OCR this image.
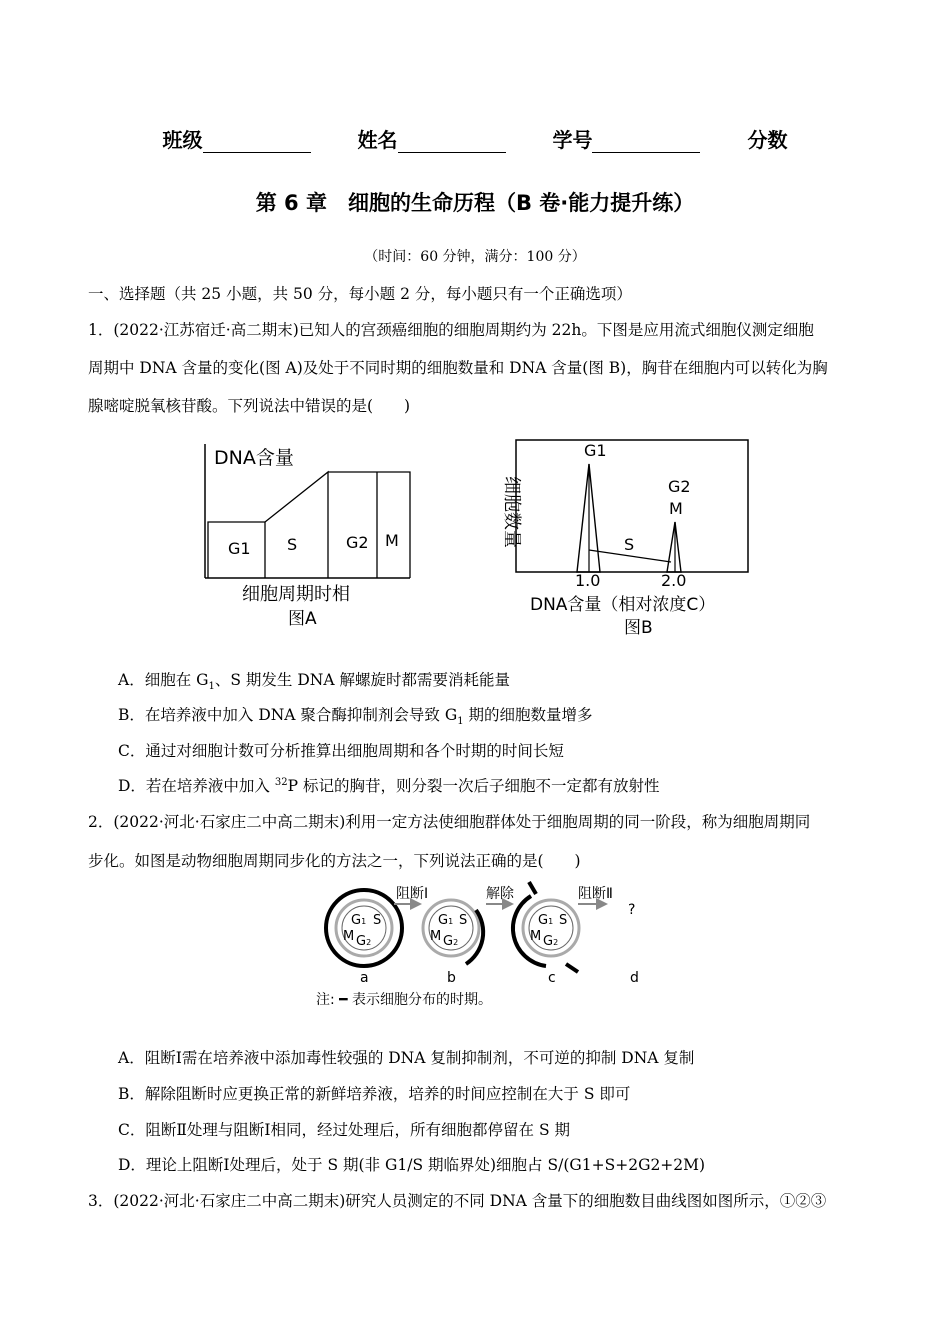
班级	姓名	学号	分数
第 6 章　细胞的生命历程（B 卷·能力提升练）
（时间：60 分钟，满分：100 分）
一、选择题（共 25 小题，共 50 分，每小题 2 分，每小题只有一个正确选项）
1．(2022·江苏宿迁·高二期末)已知人的宫颈癌细胞的细胞周期约为 22h。下图是应用流式细胞仪测定细胞
周期中 DNA 含量的变化(图 A)及处于不同时期的细胞数量和 DNA 含量(图 B)，胸苷在细胞内可以转化为胸
腺嘧啶脱氧核苷酸。下列说法中错误的是(　　)
DNA含量
G1 S	G2 M
细胞周期时相
图A
细胞数量
G1
G2
M
S
1.0	2.0
DNA含量（相对浓度C）
图B
A．细胞在 $G_1$、S 期发生 DNA 解螺旋时都需要消耗能量
B．在培养液中加入 DNA 聚合酶抑制剂会导致 $G_1$ 期的细胞数量增多
C．通过对细胞计数可分析推算出细胞周期和各个时期的时间长短
D．若在培养液中加入 $^{32}$P 标记的胸苷，则分裂一次后子细胞不一定都有放射性
2．(2022·河北·石家庄二中高二期末)利用一定方法使细胞群体处于细胞周期的同一阶段，称为细胞周期同
步化。如图是动物细胞周期同步化的方法之一，下列说法正确的是(　　)
G1 S
M G2
G1 S
M G2
G1 S
M G2
阻断Ⅰ	解除	阻断Ⅱ
?
a	b	c	d
注: ━ 表示细胞分布的时期。
A．阻断Ⅰ需在培养液中添加毒性较强的 DNA 复制抑制剂，不可逆的抑制 DNA 复制
B．解除阻断时应更换正常的新鲜培养液，培养的时间应控制在大于 S 即可
C．阻断Ⅱ处理与阻断Ⅰ相同，经过处理后，所有细胞都停留在 S 期
D．理论上阻断Ⅰ处理后，处于 S 期(非 G1/S 期临界处)细胞占 S/(G1+S+2G2+2M)
3．(2022·河北·石家庄二中高二期末)研究人员测定的不同 DNA 含量下的细胞数目曲线图如图所示，①②③
